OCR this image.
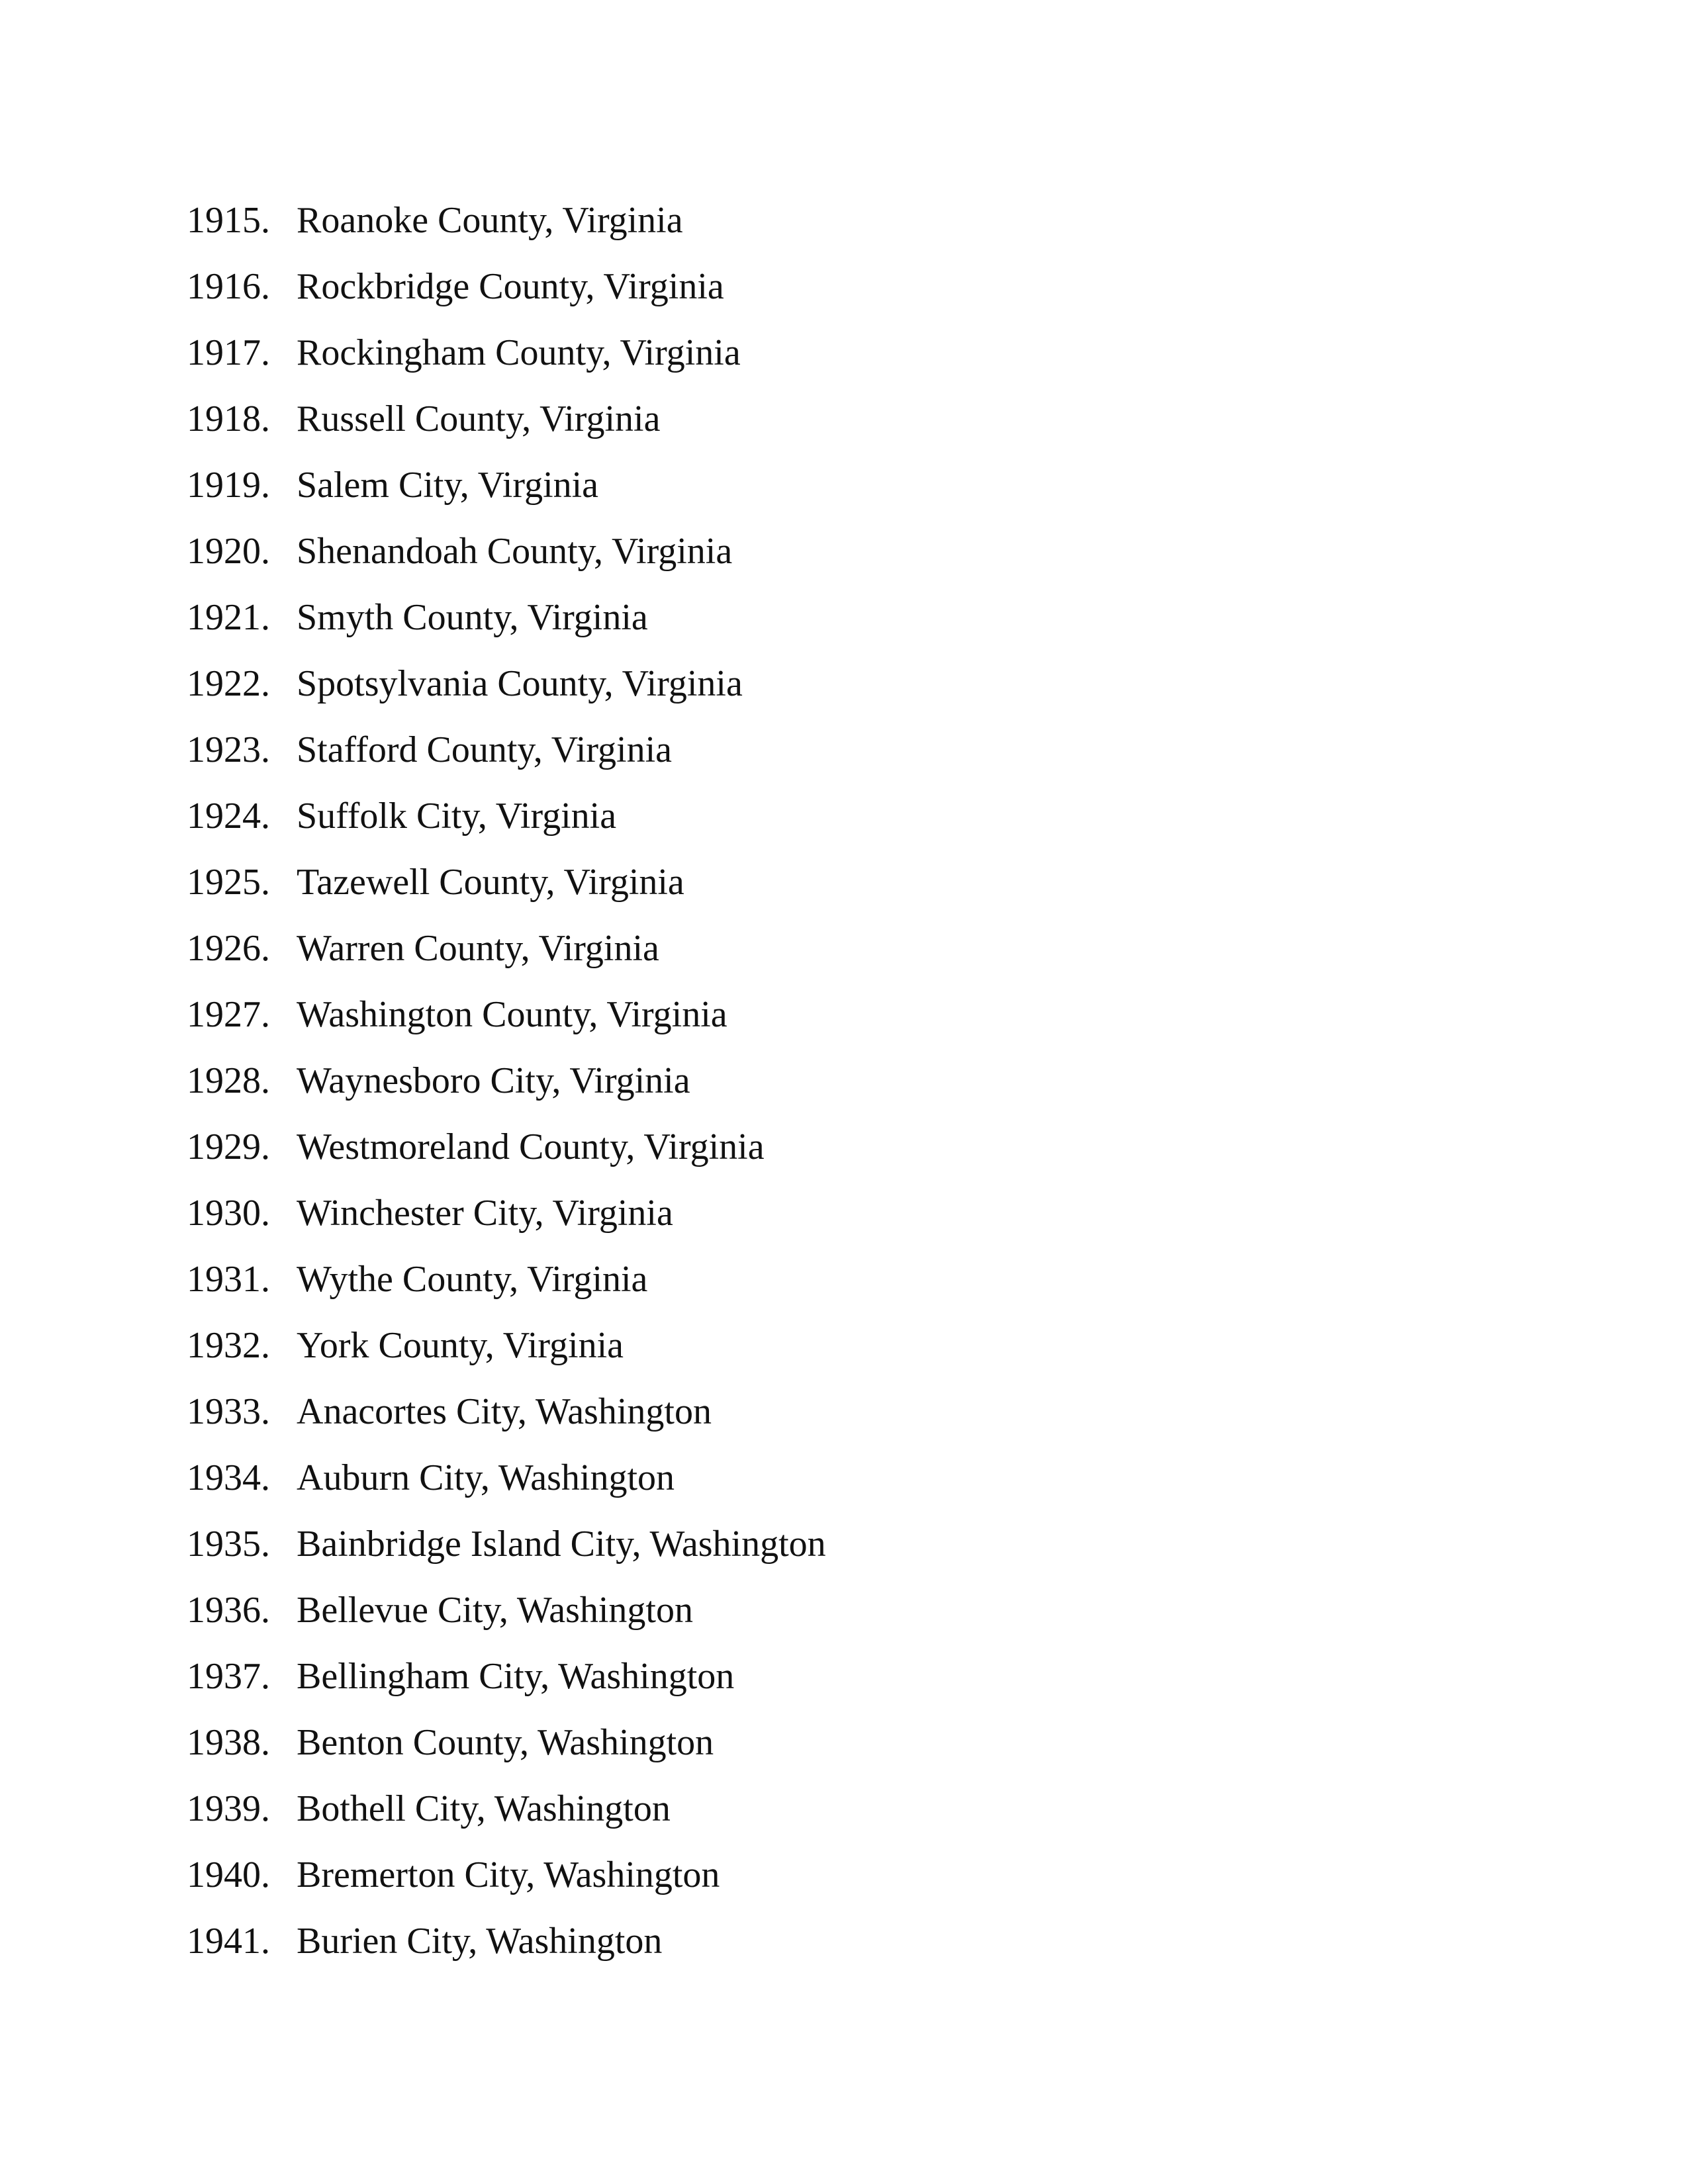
1915. Roanoke County, Virginia
1916. Rockbridge County, Virginia
1917. Rockingham County, Virginia
1918. Russell County, Virginia
1919. Salem City, Virginia
1920. Shenandoah County, Virginia
1921. Smyth County, Virginia
1922. Spotsylvania County, Virginia
1923. Stafford County, Virginia
1924. Suffolk City, Virginia
1925. Tazewell County, Virginia
1926. Warren County, Virginia
1927. Washington County, Virginia
1928. Waynesboro City, Virginia
1929. Westmoreland County, Virginia
1930. Winchester City, Virginia
1931. Wythe County, Virginia
1932. York County, Virginia
1933. Anacortes City, Washington
1934. Auburn City, Washington
1935. Bainbridge Island City, Washington
1936. Bellevue City, Washington
1937. Bellingham City, Washington
1938. Benton County, Washington
1939. Bothell City, Washington
1940. Bremerton City, Washington
1941. Burien City, Washington
